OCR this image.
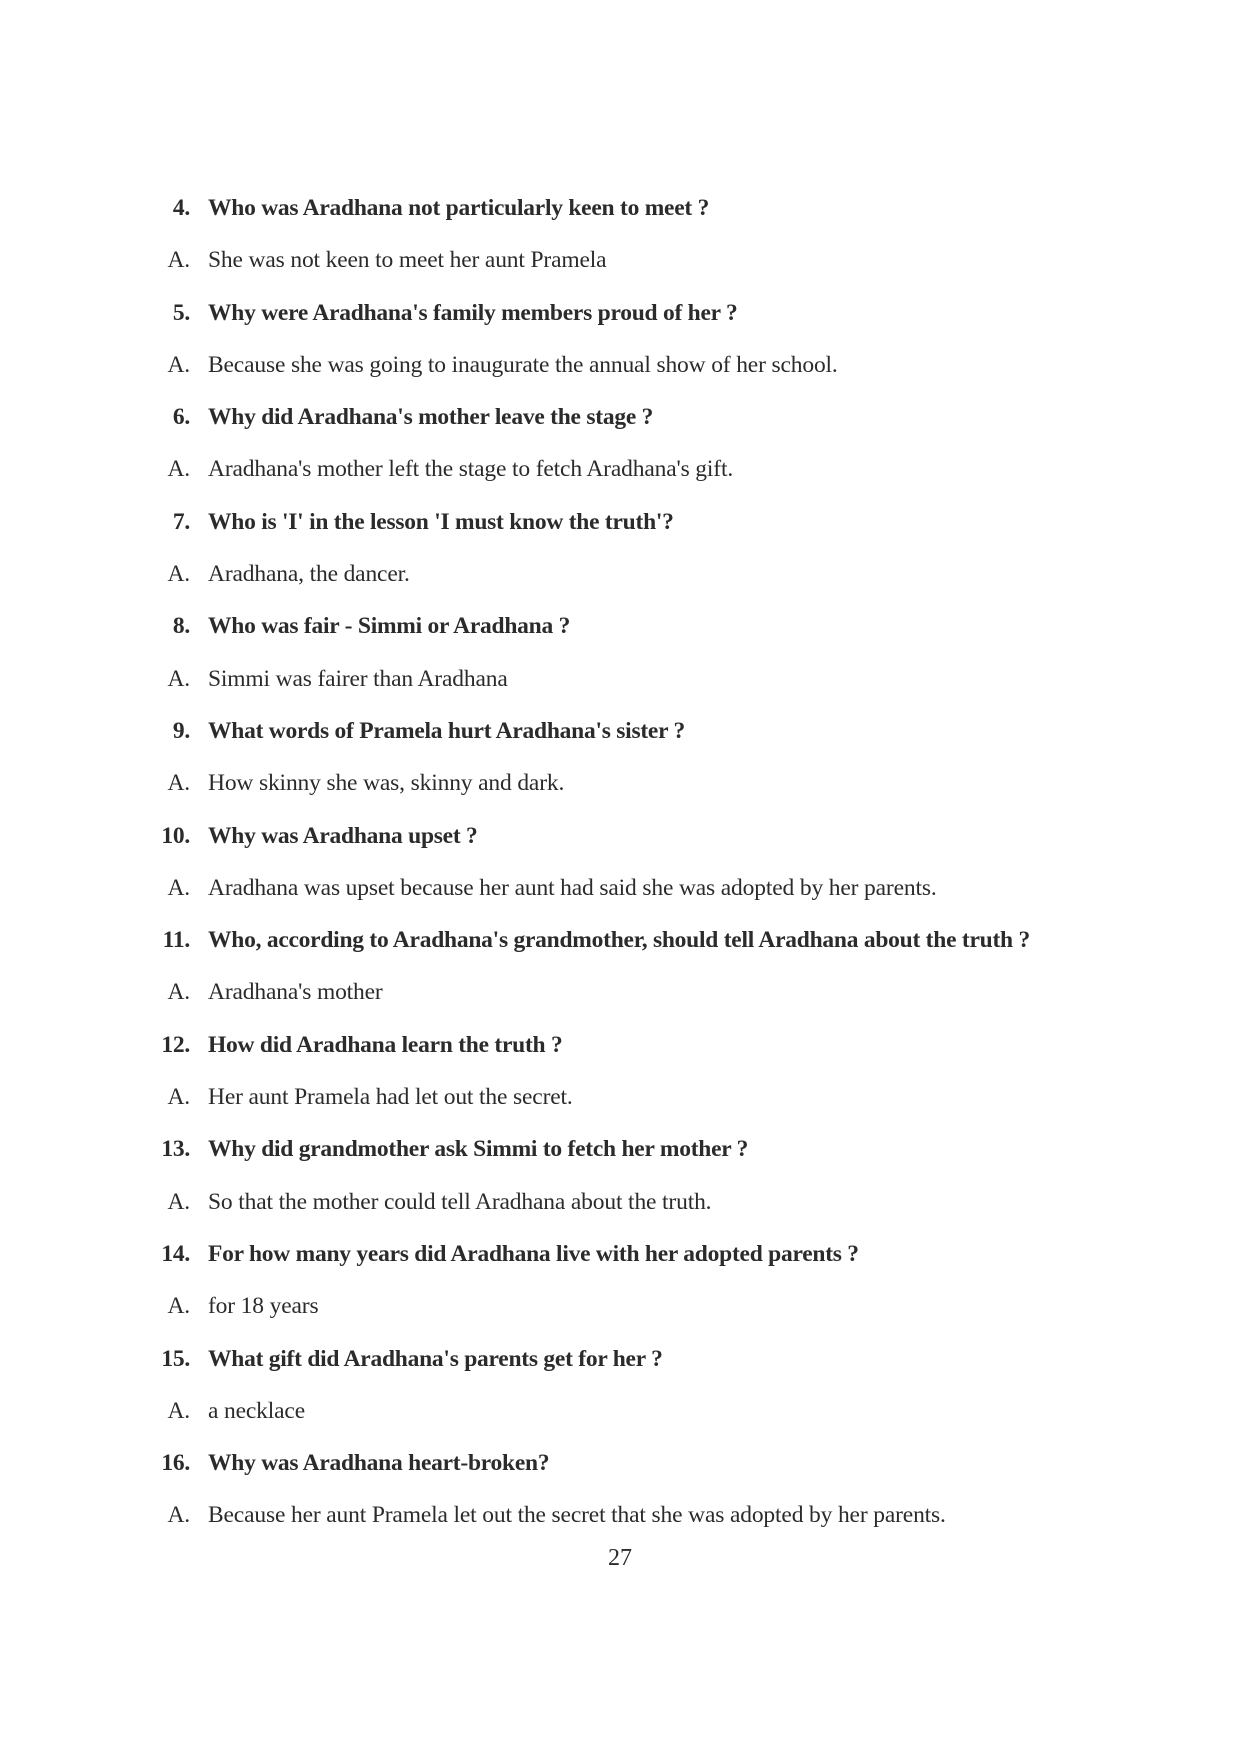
4. Who was Aradhana not particularly keen to meet ?
A. She was not keen to meet her aunt Pramela
5. Why were Aradhana's family members proud of her ?
A. Because she was going to inaugurate the annual show of her school.
6. Why did Aradhana's mother leave the stage ?
A. Aradhana's mother left the stage to fetch Aradhana's gift.
7. Who is 'I' in the lesson 'I must know the truth'?
A. Aradhana, the dancer.
8. Who was fair - Simmi or Aradhana ?
A. Simmi was fairer than Aradhana
9. What words of Pramela hurt Aradhana's sister ?
A. How skinny she was, skinny and dark.
10. Why was Aradhana upset ?
A. Aradhana was upset because her aunt had said she was adopted by her parents.
11. Who, according to Aradhana's grandmother, should tell Aradhana about the truth ?
A. Aradhana's mother
12. How did Aradhana learn the truth ?
A. Her aunt Pramela had let out the secret.
13. Why did grandmother ask Simmi to fetch her mother ?
A. So that the mother could tell Aradhana about the truth.
14. For how many years did Aradhana live with her adopted parents ?
A. for 18 years
15. What gift did Aradhana's parents get for her ?
A. a necklace
16. Why was Aradhana heart-broken?
A. Because her aunt Pramela let out the secret that she was adopted by her parents.
27
